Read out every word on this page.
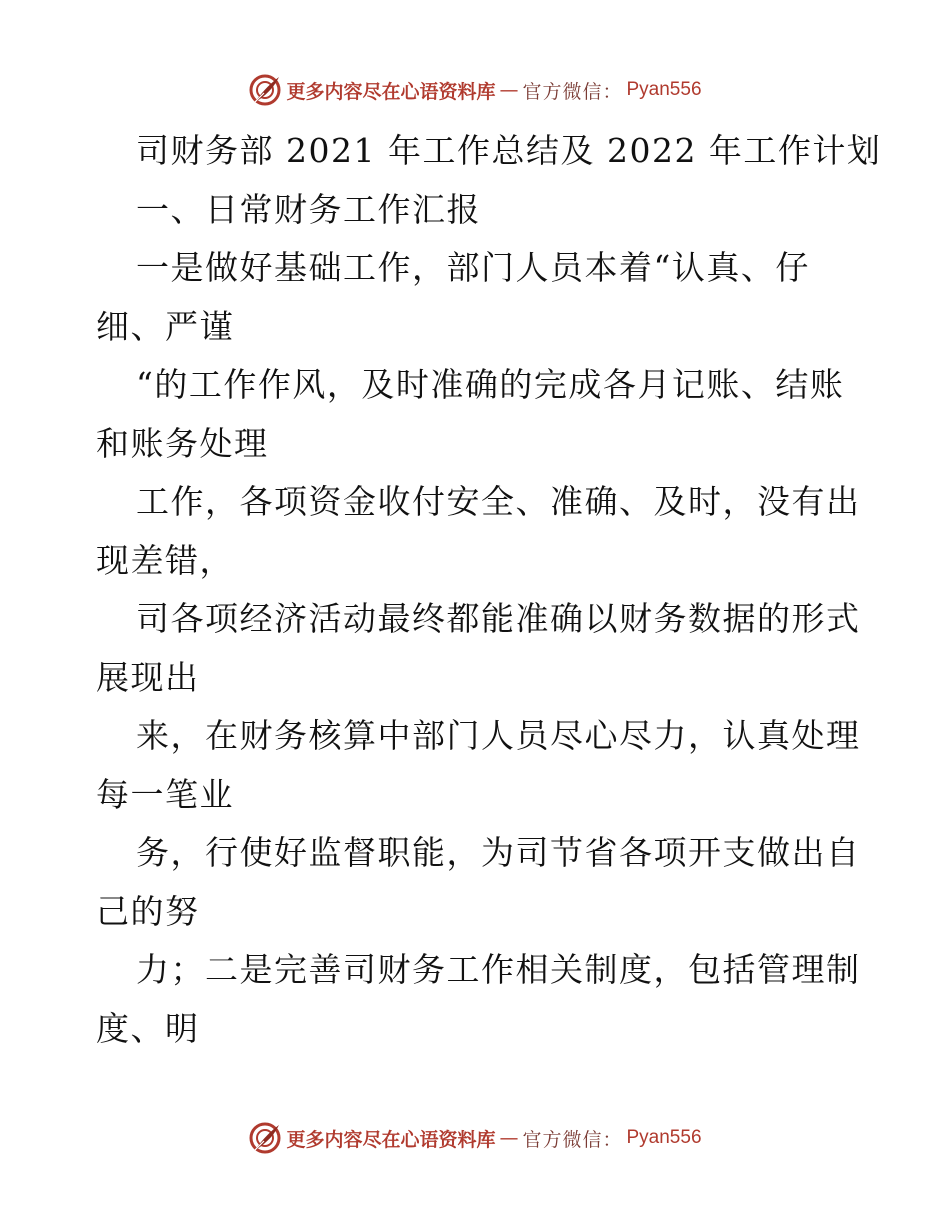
更多内容尽在心语资料库 — 官方微信： Pyan556
司财务部 2021 年工作总结及 2022 年工作计划
一、日常财务工作汇报
一是做好基础工作，部门人员本着“认真、仔
细、严谨
“的工作作风，及时准确的完成各月记账、结账
和账务处理
工作，各项资金收付安全、准确、及时，没有出
现差错，
司各项经济活动最终都能准确以财务数据的形式
展现出
来，在财务核算中部门人员尽心尽力，认真处理
每一笔业
务，行使好监督职能，为司节省各项开支做出自
己的努
力；二是完善司财务工作相关制度，包括管理制
度、明
更多内容尽在心语资料库 — 官方微信： Pyan556
